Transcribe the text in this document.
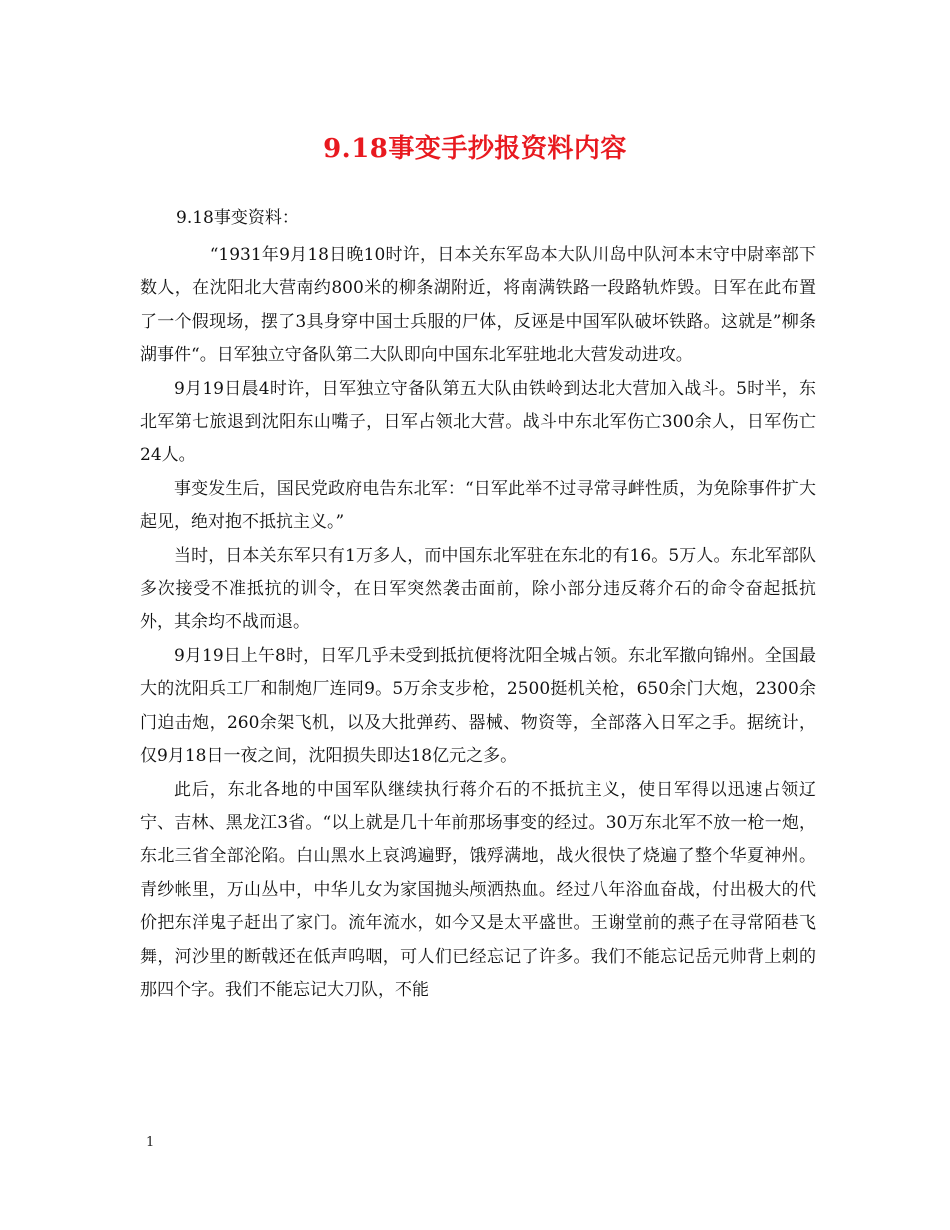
9.18事变手抄报资料内容
9.18事变资料：

“1931年9月18日晚10时许，日本关东军岛本大队川岛中队河本末守中尉率部下数人，在沈阳北大营南约800米的柳条湖附近，将南满铁路一段路轨炸毁。日军在此布置了一个假现场，摆了3具身穿中国士兵服的尸体，反诬是中国军队破坏铁路。这就是”柳条湖事件“。日军独立守备队第二大队即向中国东北军驻地北大营发动进攻。

9月19日晨4时许，日军独立守备队第五大队由铁岭到达北大营加入战斗。5时半，东北军第七旅退到沈阳东山嘴子，日军占领北大营。战斗中东北军伤亡300余人，日军伤亡24人。

事变发生后，国民党政府电告东北军：“日军此举不过寻常寻衅性质，为免除事件扩大起见，绝对抱不抵抗主义。”

当时，日本关东军只有1万多人，而中国东北军驻在东北的有16。5万人。东北军部队多次接受不准抵抗的训令，在日军突然袭击面前，除小部分违反蒋介石的命令奋起抵抗外，其余均不战而退。

9月19日上午8时，日军几乎未受到抵抗便将沈阳全城占领。东北军撤向锦州。全国最大的沈阳兵工厂和制炮厂连同9。5万余支步枪，2500挺机关枪，650余门大炮，2300余门迫击炮，260余架飞机，以及大批弹药、器械、物资等，全部落入日军之手。据统计，仅9月18日一夜之间，沈阳损失即达18亿元之多。

此后，东北各地的中国军队继续执行蒋介石的不抵抗主义，使日军得以迅速占领辽宁、吉林、黑龙江3省。“以上就是几十年前那场事变的经过。30万东北军不放一枪一炮，东北三省全部沦陷。白山黑水上哀鸿遍野，饿殍满地，战火很快了烧遍了整个华夏神州。青纱帐里，万山丛中，中华儿女为家国抛头颅洒热血。经过八年浴血奋战，付出极大的代价把东洋鬼子赶出了家门。流年流水，如今又是太平盛世。王谢堂前的燕子在寻常陌巷飞舞，河沙里的断戟还在低声呜咽，可人们已经忘记了许多。我们不能忘记岳元帅背上刺的那四个字。我们不能忘记大刀队，不能

1
